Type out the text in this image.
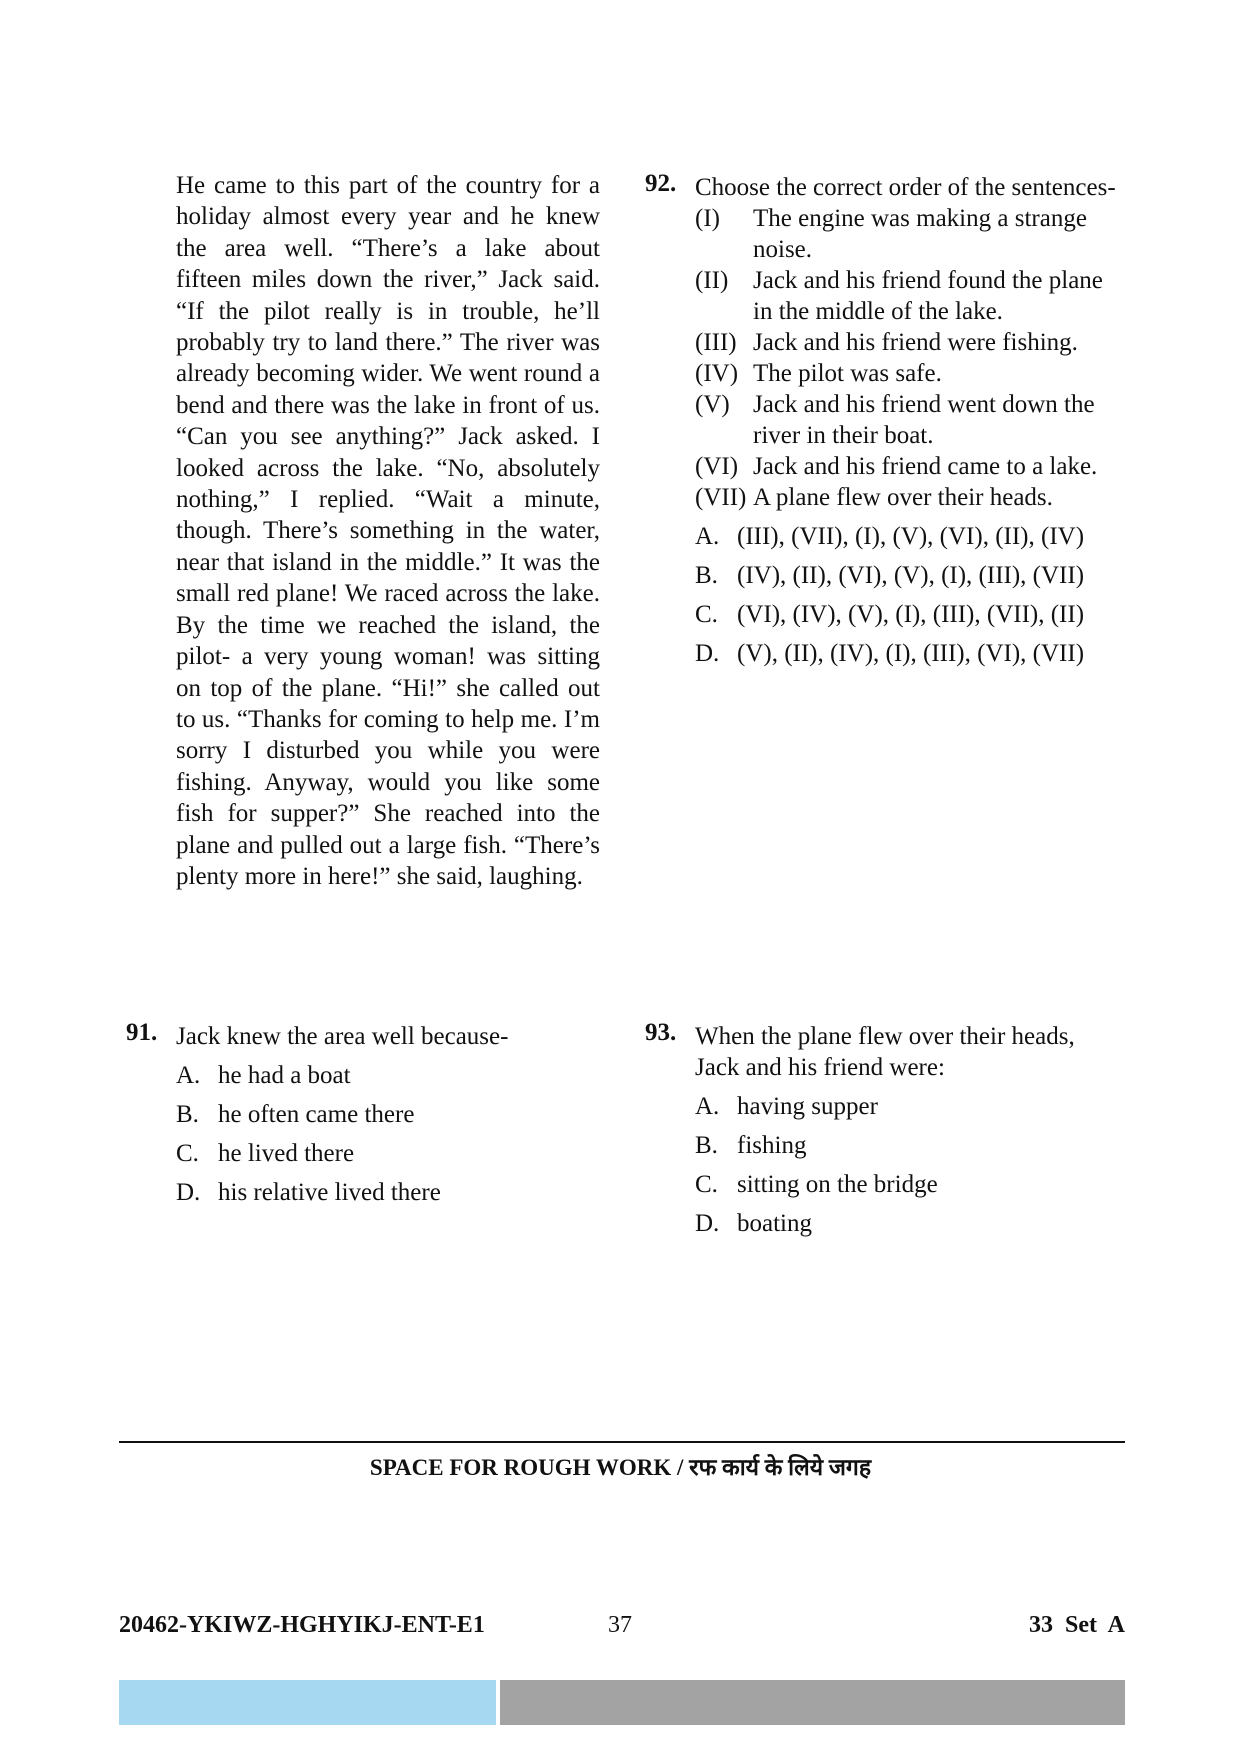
He came to this part of the country for a holiday almost every year and he knew the area well. “There’s a lake about fifteen miles down the river,” Jack said. “If the pilot really is in trouble, he’ll probably try to land there.” The river was already becoming wider. We went round a bend and there was the lake in front of us. “Can you see anything?” Jack asked. I looked across the lake. “No, absolutely nothing,” I replied. “Wait a minute, though. There’s something in the water, near that island in the middle.” It was the small red plane! We raced across the lake. By the time we reached the island, the pilot- a very young woman! was sitting on top of the plane. “Hi!” she called out to us. “Thanks for coming to help me. I’m sorry I disturbed you while you were fishing. Anyway, would you like some fish for supper?” She reached into the plane and pulled out a large fish. “There’s plenty more in here!” she said, laughing.

92. Choose the correct order of the sentences-
(I)	The engine was making a strange noise.
(II) Jack and his friend found the plane in the middle of the lake.
(III) Jack and his friend were fishing.
(IV) The pilot was safe.
(V) Jack and his friend went down the river in their boat.
(VI) Jack and his friend came to a lake.
(VII) A plane flew over their heads.
A. (III), (VII), (I), (V), (VI), (II), (IV)
B. (IV), (II), (VI), (V), (I), (III), (VII)
C. (VI), (IV), (V), (I), (III), (VII), (II)
D. (V), (II), (IV), (I), (III), (VI), (VII)
91. Jack knew the area well because-
A. he had a boat
B. he often came there
C. he lived there
D. his relative lived there
93. When the plane flew over their heads, Jack and his friend were:
A. having supper
B. fishing
C. sitting on the bridge
D. boating
SPACE FOR ROUGH WORK / रफ कार्य के लिये जगह
20462-YKIWZ-HGHYIKJ-ENT-E1	37	33 Set A
